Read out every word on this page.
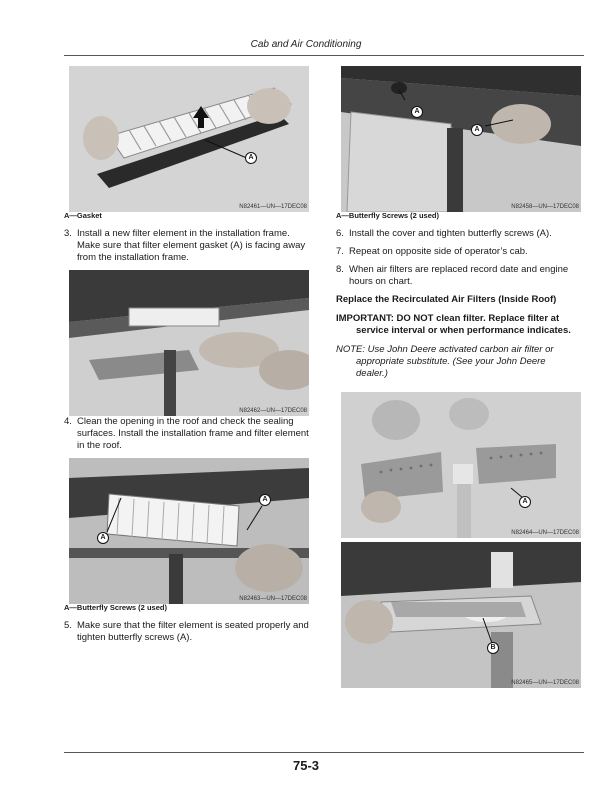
Cab and Air Conditioning
A
N82461—UN—17DEC08
A—Gasket
3. Install a new filter element in the installation frame. Make sure that filter element gasket (A) is facing away from the installation frame.
N82462—UN—17DEC08
4. Clean the opening in the roof and check the sealing surfaces. Install the installation frame and filter element in the roof.
A
A
N82463—UN—17DEC08
A—Butterfly Screws (2 used)
5. Make sure that the filter element is seated properly and tighten butterfly screws (A).
A
A
N82458—UN—17DEC08
A—Butterfly Screws (2 used)
6. Install the cover and tighten butterfly screws (A).
7. Repeat on opposite side of operator’s cab.
8. When air filters are replaced record date and engine hours on chart.
Replace the Recirculated Air Filters (Inside Roof)
IMPORTANT: DO NOT clean filter. Replace filter at
service interval or when performance indicates.
NOTE: Use John Deere activated carbon air filter or
appropriate substitute. (See your John Deere
dealer.)
A
N82464—UN—17DEC08
B
N82465—UN—17DEC08
75-3
